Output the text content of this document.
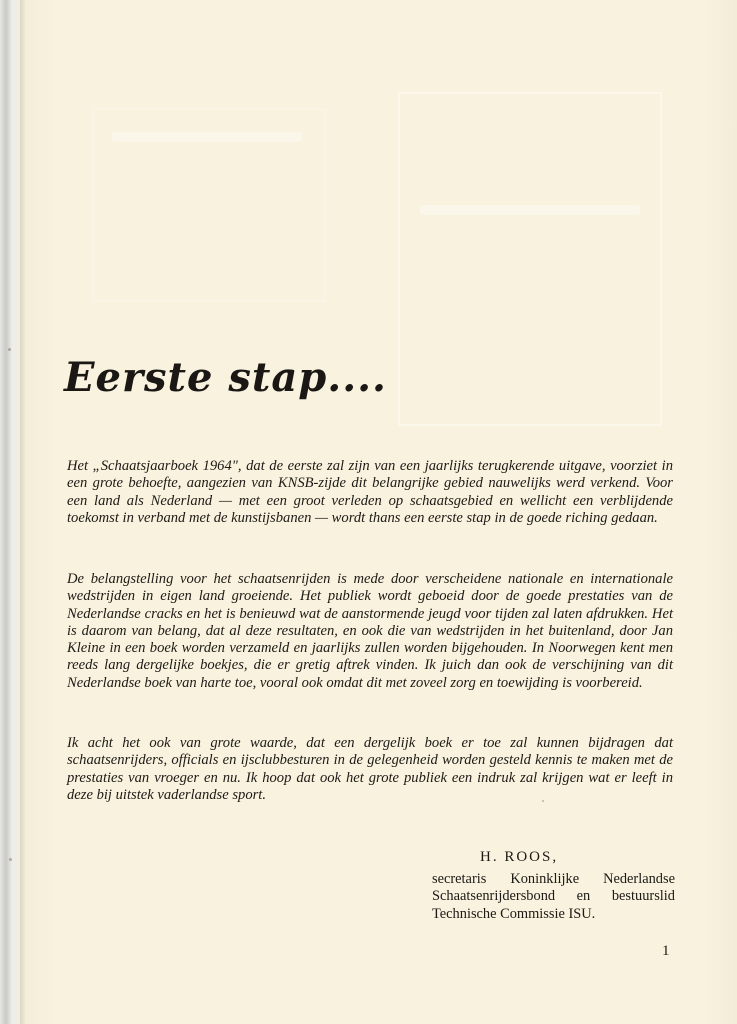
Eerste stap....

Het „Schaatsjaarboek 1964", dat de eerste zal zijn van een jaarlijks terugkerende uitgave, voorziet in een grote behoefte, aangezien van KNSB-zijde dit belangrijke gebied nauwelijks werd verkend. Voor een land als Nederland — met een groot verleden op schaatsgebied en wellicht een verblijdende toekomst in verband met de kunstijsbanen — wordt thans een eerste stap in de goede riching gedaan.

De belangstelling voor het schaatsenrijden is mede door verscheidene nationale en internationale wedstrijden in eigen land groeiende. Het publiek wordt geboeid door de goede prestaties van de Nederlandse cracks en het is benieuwd wat de aanstormende jeugd voor tijden zal laten afdrukken. Het is daarom van belang, dat al deze resultaten, en ook die van wedstrijden in het buitenland, door Jan Kleine in een boek worden verzameld en jaarlijks zullen worden bijgehouden. In Noorwegen kent men reeds lang dergelijke boekjes, die er gretig aftrek vinden. Ik juich dan ook de verschijning van dit Nederlandse boek van harte toe, vooral ook omdat dit met zoveel zorg en toewijding is voorbereid.

Ik acht het ook van grote waarde, dat een dergelijk boek er toe zal kunnen bijdragen dat schaatsenrijders, officials en ijsclubbesturen in de gelegenheid worden gesteld kennis te maken met de prestaties van vroeger en nu. Ik hoop dat ook het grote publiek een indruk zal krijgen wat er leeft in deze bij uitstek vaderlandse sport.

H. ROOS,
secretaris Koninklijke Nederlandse
Schaatsenrijdersbond en bestuurslid
Technische Commissie ISU.
1
